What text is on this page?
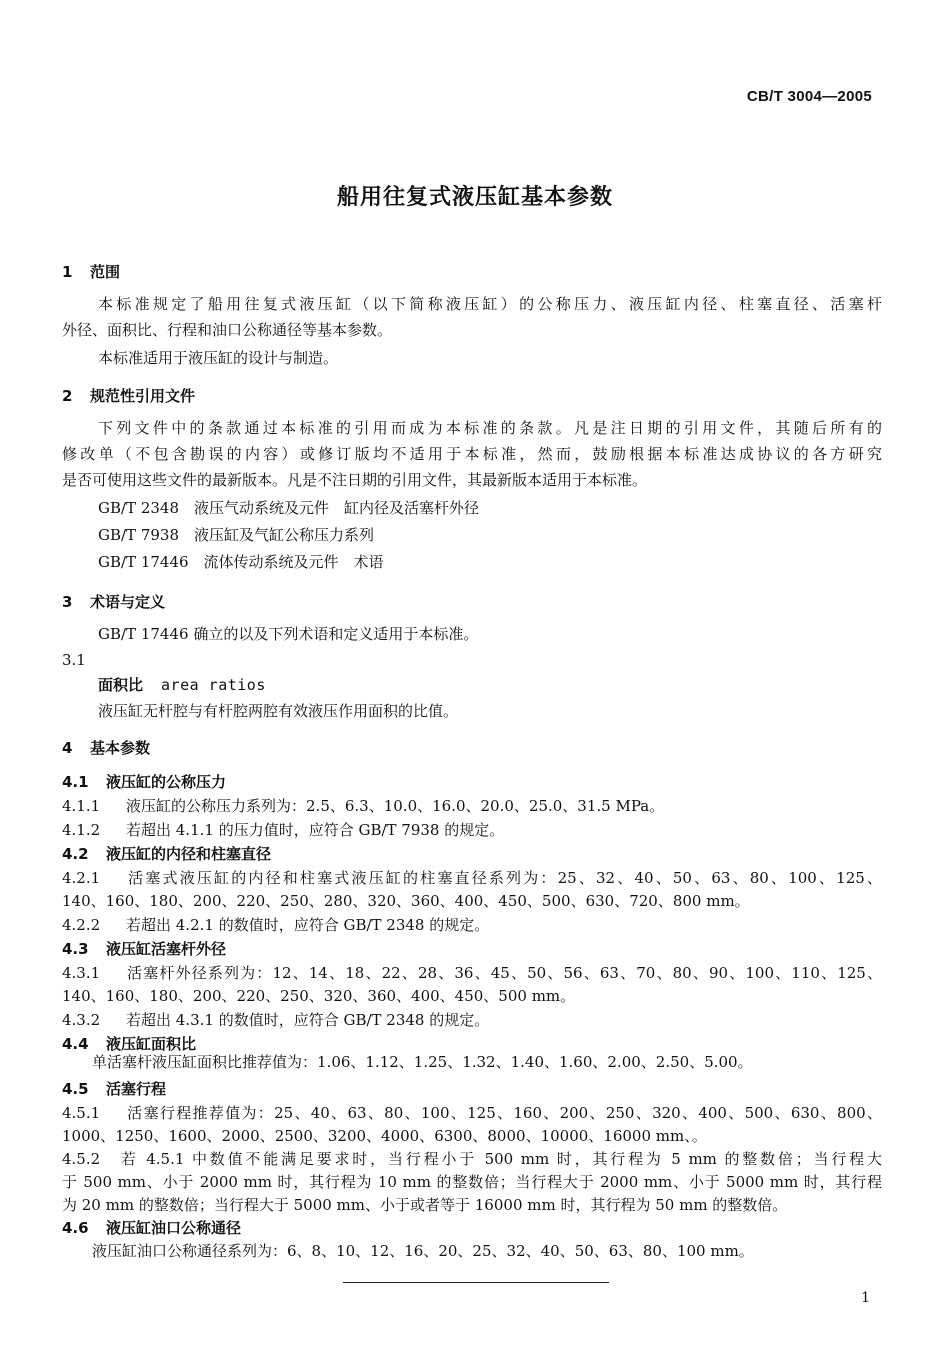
CB/T 3004—2005
船用往复式液压缸基本参数
1 范围
本标准规定了船用往复式液压缸（以下简称液压缸）的公称压力、液压缸内径、柱塞直径、活塞杆
外径、面积比、行程和油口公称通径等基本参数。
本标准适用于液压缸的设计与制造。
2 规范性引用文件
下列文件中的条款通过本标准的引用而成为本标准的条款。凡是注日期的引用文件，其随后所有的
修改单（不包含勘误的内容）或修订版均不适用于本标准，然而，鼓励根据本标准达成协议的各方研究
是否可使用这些文件的最新版本。凡是不注日期的引用文件，其最新版本适用于本标准。
GB/T 2348　液压气动系统及元件　缸内径及活塞杆外径
GB/T 7938　液压缸及气缸公称压力系列
GB/T 17446　流体传动系统及元件　术语
3 术语与定义
GB/T 17446 确立的以及下列术语和定义适用于本标准。
3.1
面积比 area ratios
液压缸无杆腔与有杆腔两腔有效液压作用面积的比值。
4 基本参数
4.1 液压缸的公称压力
4.1.1 液压缸的公称压力系列为：2.5、6.3、10.0、16.0、20.0、25.0、31.5 MPa。
4.1.2 若超出 4.1.1 的压力值时，应符合 GB/T 7938 的规定。
4.2 液压缸的内径和柱塞直径
4.2.1 活塞式液压缸的内径和柱塞式液压缸的柱塞直径系列为：25、32、40、50、63、80、100、125、
140、160、180、200、220、250、280、320、360、400、450、500、630、720、800 mm。
4.2.2 若超出 4.2.1 的数值时，应符合 GB/T 2348 的规定。
4.3 液压缸活塞杆外径
4.3.1 活塞杆外径系列为：12、14、18、22、28、36、45、50、56、63、70、80、90、100、110、125、
140、160、180、200、220、250、320、360、400、450、500 mm。
4.3.2 若超出 4.3.1 的数值时，应符合 GB/T 2348 的规定。
4.4 液压缸面积比
单活塞杆液压缸面积比推荐值为：1.06、1.12、1.25、1.32、1.40、1.60、2.00、2.50、5.00。
4.5 活塞行程
4.5.1 活塞行程推荐值为：25、40、63、80、100、125、160、200、250、320、400、500、630、800、
1000、1250、1600、2000、2500、3200、4000、6300、8000、10000、16000 mm、。
4.5.2 若 4.5.1 中数值不能满足要求时，当行程小于 500 mm 时，其行程为 5 mm 的整数倍；当行程大
于 500 mm、小于 2000 mm 时，其行程为 10 mm 的整数倍；当行程大于 2000 mm、小于 5000 mm 时，其行程
为 20 mm 的整数倍；当行程大于 5000 mm、小于或者等于 16000 mm 时，其行程为 50 mm 的整数倍。
4.6 液压缸油口公称通径
液压缸油口公称通径系列为：6、8、10、12、16、20、25、32、40、50、63、80、100 mm。
1
